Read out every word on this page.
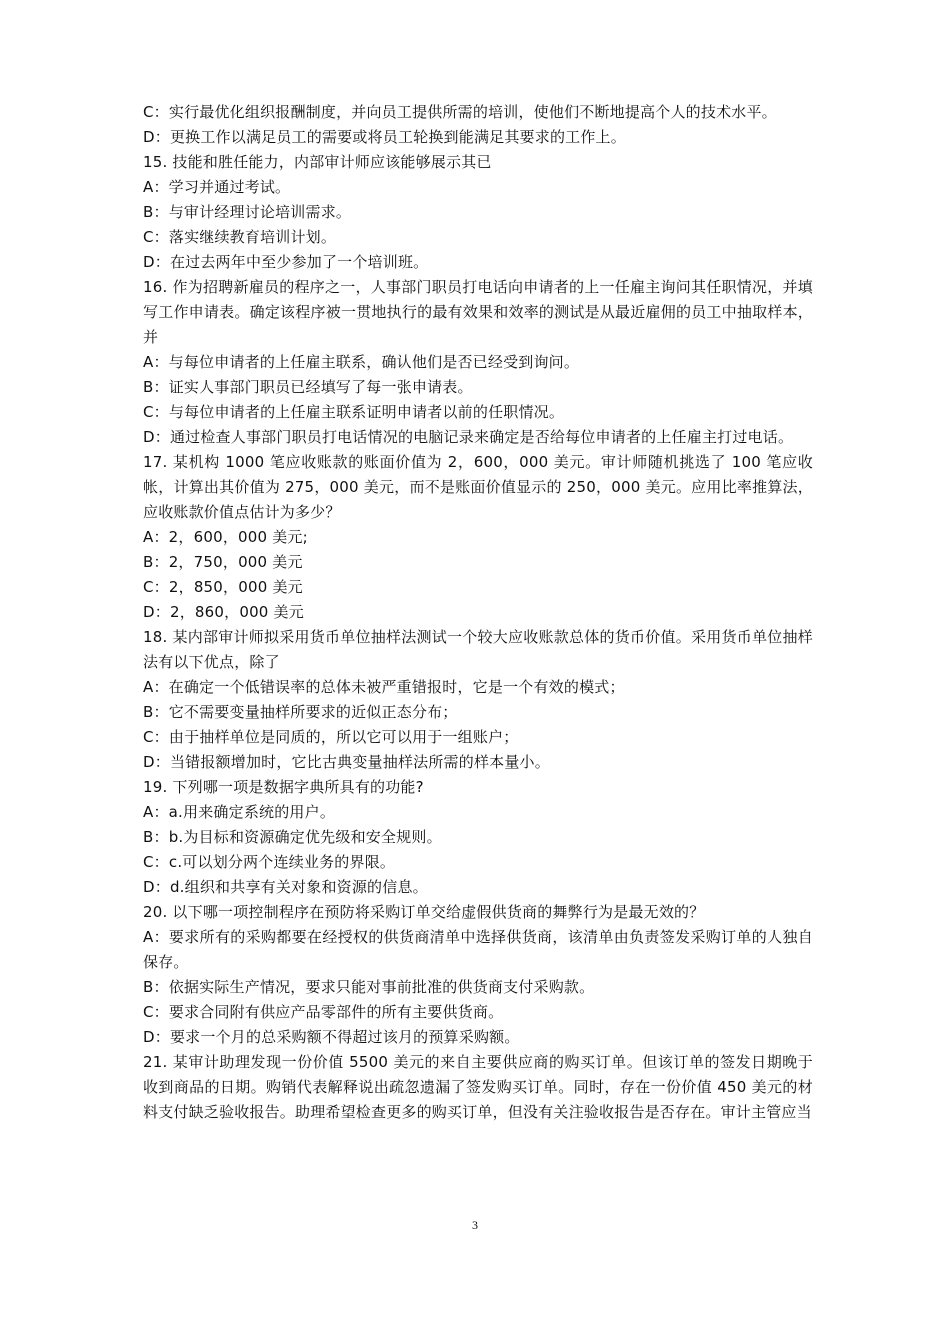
C：实行最优化组织报酬制度，并向员工提供所需的培训，使他们不断地提高个人的技术水平。
D：更换工作以满足员工的需要或将员工轮换到能满足其要求的工作上。
15. 技能和胜任能力，内部审计师应该能够展示其已
A：学习并通过考试。
B：与审计经理讨论培训需求。
C：落实继续教育培训计划。
D：在过去两年中至少参加了一个培训班。
16. 作为招聘新雇员的程序之一，人事部门职员打电话向申请者的上一任雇主询问其任职情况，并填写工作申请表。确定该程序被一贯地执行的最有效果和效率的测试是从最近雇佣的员工中抽取样本，并
A：与每位申请者的上任雇主联系，确认他们是否已经受到询问。
B：证实人事部门职员已经填写了每一张申请表。
C：与每位申请者的上任雇主联系证明申请者以前的任职情况。
D：通过检查人事部门职员打电话情况的电脑记录来确定是否给每位申请者的上任雇主打过电话。
17. 某机构 1000 笔应收账款的账面价值为 2，600，000 美元。审计师随机挑选了 100 笔应收帐，计算出其价值为 275，000 美元，而不是账面价值显示的 250，000 美元。应用比率推算法，应收账款价值点估计为多少？
A：2，600，000 美元;
B：2，750，000 美元
C：2，850，000 美元
D：2，860，000 美元
18. 某内部审计师拟采用货币单位抽样法测试一个较大应收账款总体的货币价值。采用货币单位抽样法有以下优点，除了
A：在确定一个低错误率的总体未被严重错报时，它是一个有效的模式；
B：它不需要变量抽样所要求的近似正态分布；
C：由于抽样单位是同质的，所以它可以用于一组账户；
D：当错报额增加时，它比古典变量抽样法所需的样本量小。
19. 下列哪一项是数据字典所具有的功能?
A：a.用来确定系统的用户。
B：b.为目标和资源确定优先级和安全规则。
C：c.可以划分两个连续业务的界限。
D：d.组织和共享有关对象和资源的信息。
20. 以下哪一项控制程序在预防将采购订单交给虚假供货商的舞弊行为是最无效的？
A：要求所有的采购都要在经授权的供货商清单中选择供货商，该清单由负责签发采购订单的人独自保存。
B：依据实际生产情况，要求只能对事前批准的供货商支付采购款。
C：要求合同附有供应产品零部件的所有主要供货商。
D：要求一个月的总采购额不得超过该月的预算采购额。
21. 某审计助理发现一份价值 5500 美元的来自主要供应商的购买订单。但该订单的签发日期晚于收到商品的日期。购销代表解释说出疏忽遗漏了签发购买订单。同时，存在一份价值 450 美元的材料支付缺乏验收报告。助理希望检查更多的购买订单，但没有关注验收报告是否存在。审计主管应当
3
